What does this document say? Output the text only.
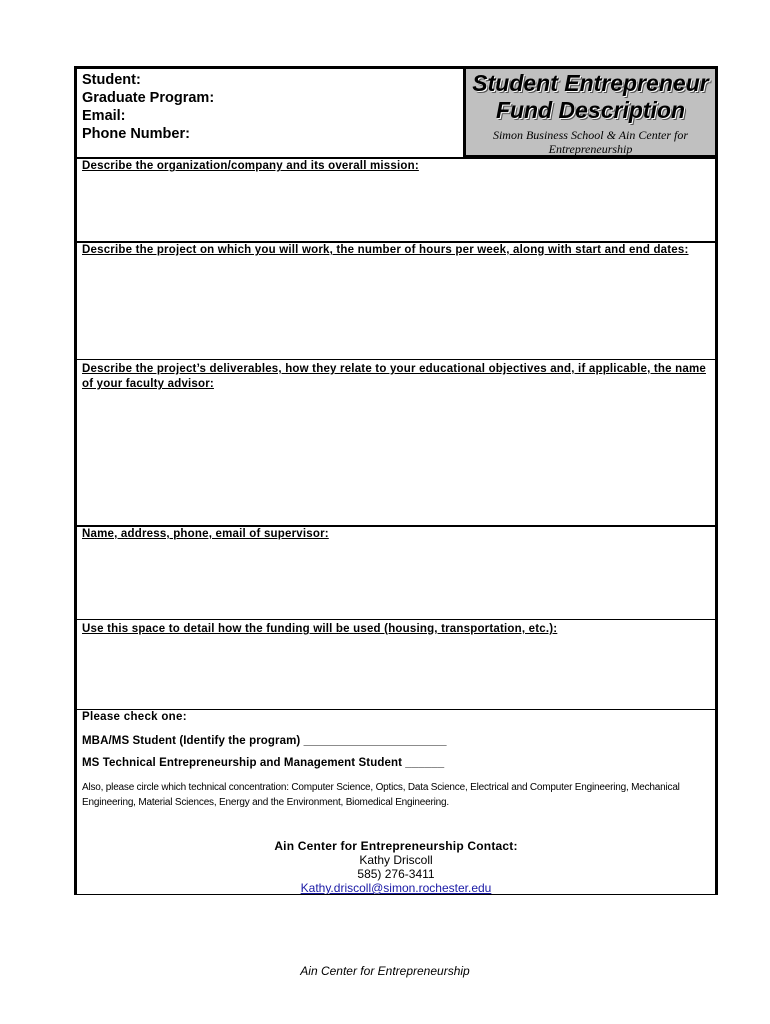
Student:
Graduate Program:
Email:
Phone Number:
Student Entrepreneur
Fund Description
Simon Business School & Ain Center for Entrepreneurship
Describe the organization/company and its overall mission:
Describe the project on which you will work, the number of hours per week, along with start and end dates:
Describe the project’s deliverables, how they relate to your educational objectives and, if applicable, the name of your faculty advisor:
Name, address, phone, email of supervisor:
Use this space to detail how the funding will be used (housing, transportation, etc.):
Please check one:
MBA/MS Student (Identify the program) ______________________
MS Technical Entrepreneurship and Management Student ______
Also, please circle which technical concentration: Computer Science, Optics, Data Science, Electrical and Computer Engineering, Mechanical Engineering, Material Sciences, Energy and the Environment, Biomedical Engineering.
Ain Center for Entrepreneurship Contact:
Kathy Driscoll
585) 276-3411
Kathy.driscoll@simon.rochester.edu
Ain Center for Entrepreneurship
